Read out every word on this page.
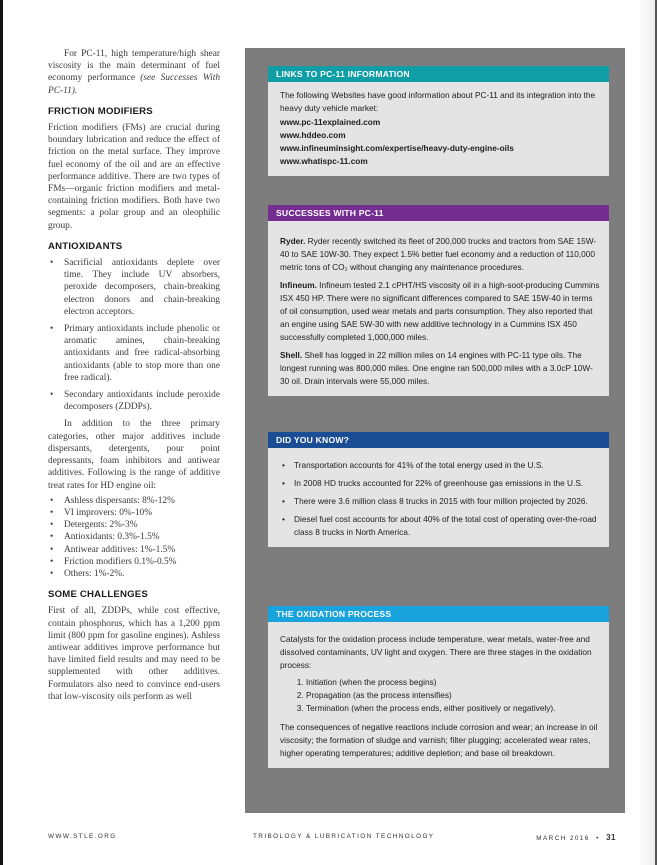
For PC-11, high temperature/high shear viscosity is the main determinant of fuel economy performance (see Successes With PC-11).

FRICTION MODIFIERS

Friction modifiers (FMs) are crucial during boundary lubrication and reduce the effect of friction on the metal surface. They improve fuel economy of the oil and are an effective performance additive. There are two types of FMs—organic friction modifiers and metal-containing friction modifiers. Both have two segments: a polar group and an oleophilic group.

ANTIOXIDANTS
• Sacrificial antioxidants deplete over time. They include UV absorbers, peroxide decomposers, chain-breaking electron donors and chain-breaking electron acceptors.
• Primary antioxidants include phenolic or aromatic amines, chain-breaking antioxidants and free radical-absorbing antioxidants (able to stop more than one free radical).
• Secondary antioxidants include peroxide decomposers (ZDDPs).

In addition to the three primary categories, other major additives include dispersants, detergents, pour point depressants, foam inhibitors and antiwear additives. Following is the range of additive treat rates for HD engine oil:

• Ashless dispersants: 8%-12%
• VI improvers: 0%-10%
• Detergents: 2%-3%
• Antioxidants: 0.3%-1.5%
• Antiwear additives: 1%-1.5%
• Friction modifiers 0.1%-0.5%
• Others: 1%-2%.
SOME CHALLENGES

First of all, ZDDPs, while cost effective, contain phosphorus, which has a 1,200 ppm limit (800 ppm for gasoline engines). Ashless antiwear additives improve performance but have limited field results and may need to be supplemented with other additives. Formulators also need to convince end-users that low-viscosity oils perform as well

LINKS TO PC-11 INFORMATION

The following Websites have good information about PC-11 and its integration into the heavy duty vehicle market:

www.pc-11explained.com
www.hddeo.com
www.infineuminsight.com/expertise/heavy-duty-engine-oils
www.whatispc-11.com
SUCCESSES WITH PC-11

Ryder. Ryder recently switched its fleet of 200,000 trucks and tractors from SAE 15W-40 to SAE 10W-30. They expect 1.5% better fuel economy and a reduction of 110,000 metric tons of CO₂ without changing any maintenance procedures.

Infineum. Infineum tested 2.1 cPHT/HS viscosity oil in a high-soot-producing Cummins ISX 450 HP. There were no significant differences compared to SAE 15W-40 in terms of oil consumption, used wear metals and parts consumption. They also reported that an engine using SAE 5W-30 with new additive technology in a Cummins ISX 450 successfully completed 1,000,000 miles.

Shell. Shell has logged in 22 million miles on 14 engines with PC-11 type oils. The longest running was 800,000 miles. One engine ran 500,000 miles with a 3.0cP 10W-30 oil. Drain intervals were 55,000 miles.

DID YOU KNOW?
• Transportation accounts for 41% of the total energy used in the U.S.
• In 2008 HD trucks accounted for 22% of greenhouse gas emissions in the U.S.
• There were 3.6 million class 8 trucks in 2015 with four million projected by 2026.
• Diesel fuel cost accounts for about 40% of the total cost of operating over-the-road class 8 trucks in North America.
THE OXIDATION PROCESS

Catalysts for the oxidation process include temperature, wear metals, water-free and dissolved contaminants, UV light and oxygen. There are three stages in the oxidation process:

1. Initiation (when the process begins)
2. Propagation (as the process intensifies)
3. Termination (when the process ends, either positively or negatively).

The consequences of negative reactions include corrosion and wear; an increase in oil viscosity; the formation of sludge and varnish; filter plugging; accelerated wear rates, higher operating temperatures; additive depletion; and base oil breakdown.

WWW.STLE.ORG	TRIBOLOGY & LUBRICATION TECHNOLOGY	MARCH 2016 • 31
